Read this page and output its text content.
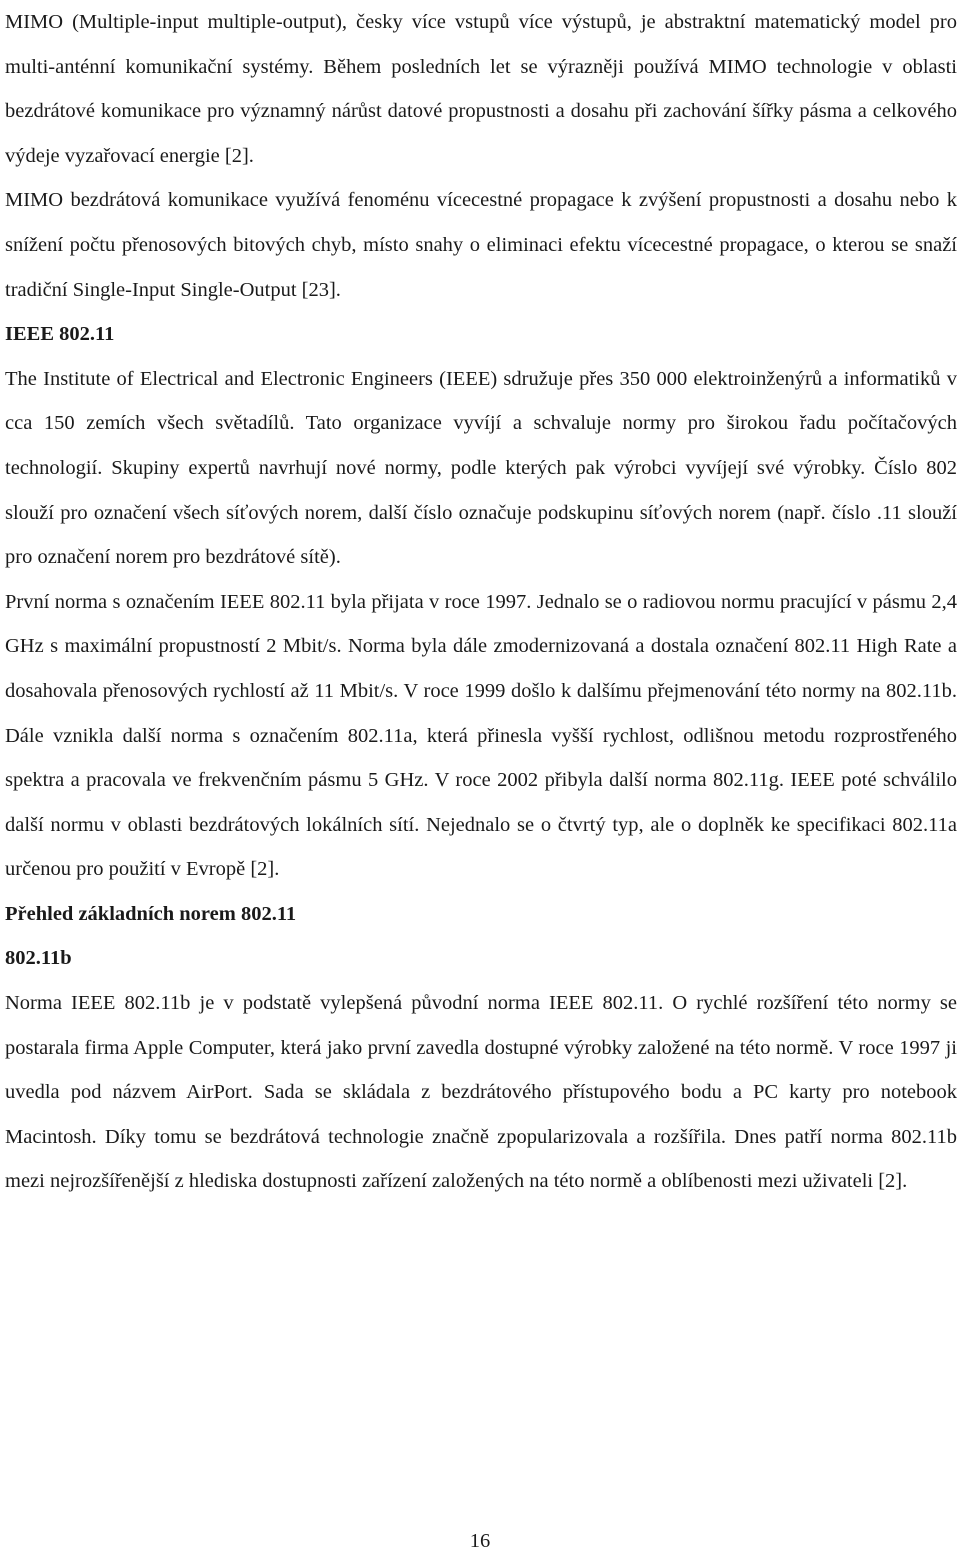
MIMO (Multiple-input multiple-output), česky více vstupů více výstupů, je abstraktní matematický model pro multi-anténní komunikační systémy. Během posledních let se výrazněji používá MIMO technologie v oblasti bezdrátové komunikace pro významný nárůst datové propustnosti a dosahu při zachování šířky pásma a celkového výdeje vyzařovací energie [2].

MIMO bezdrátová komunikace využívá fenoménu vícecestné propagace k zvýšení propustnosti a dosahu nebo k snížení počtu přenosových bitových chyb, místo snahy o eliminaci efektu vícecestné propagace, o kterou se snaží tradiční Single-Input Single-Output [23].

IEEE 802.11

The Institute of Electrical and Electronic Engineers (IEEE) sdružuje přes 350 000 elektroinženýrů a informatiků v cca 150 zemích všech světadílů. Tato organizace vyvíjí a schvaluje normy pro širokou řadu počítačových technologií. Skupiny expertů navrhují nové normy, podle kterých pak výrobci vyvíjejí své výrobky. Číslo 802 slouží pro označení všech síťových norem, další číslo označuje podskupinu síťových norem (např. číslo .11 slouží pro označení norem pro bezdrátové sítě).

První norma s označením IEEE 802.11 byla přijata v roce 1997. Jednalo se o radiovou normu pracující v pásmu 2,4 GHz s maximální propustností 2 Mbit/s. Norma byla dále zmodernizovaná a dostala označení 802.11 High Rate a dosahovala přenosových rychlostí až 11 Mbit/s. V roce 1999 došlo k dalšímu přejmenování této normy na 802.11b. Dále vznikla další norma s označením 802.11a, která přinesla vyšší rychlost, odlišnou metodu rozprostřeného spektra a pracovala ve frekvenčním pásmu 5 GHz. V roce 2002 přibyla další norma 802.11g. IEEE poté schválilo další normu v oblasti bezdrátových lokálních sítí. Nejednalo se o čtvrtý typ, ale o doplněk ke specifikaci 802.11a určenou pro použití v Evropě [2].

Přehled základních norem 802.11

802.11b

Norma IEEE 802.11b je v podstatě vylepšená původní norma IEEE 802.11. O rychlé rozšíření této normy se postarala firma Apple Computer, která jako první zavedla dostupné výrobky založené na této normě. V roce 1997 ji uvedla pod názvem AirPort. Sada se skládala z bezdrátového přístupového bodu a PC karty pro notebook Macintosh. Díky tomu se bezdrátová technologie značně zpopularizovala a rozšířila. Dnes patří norma 802.11b mezi nejrozšířenější z hlediska dostupnosti zařízení založených na této normě a oblíbenosti mezi uživateli [2].

16
